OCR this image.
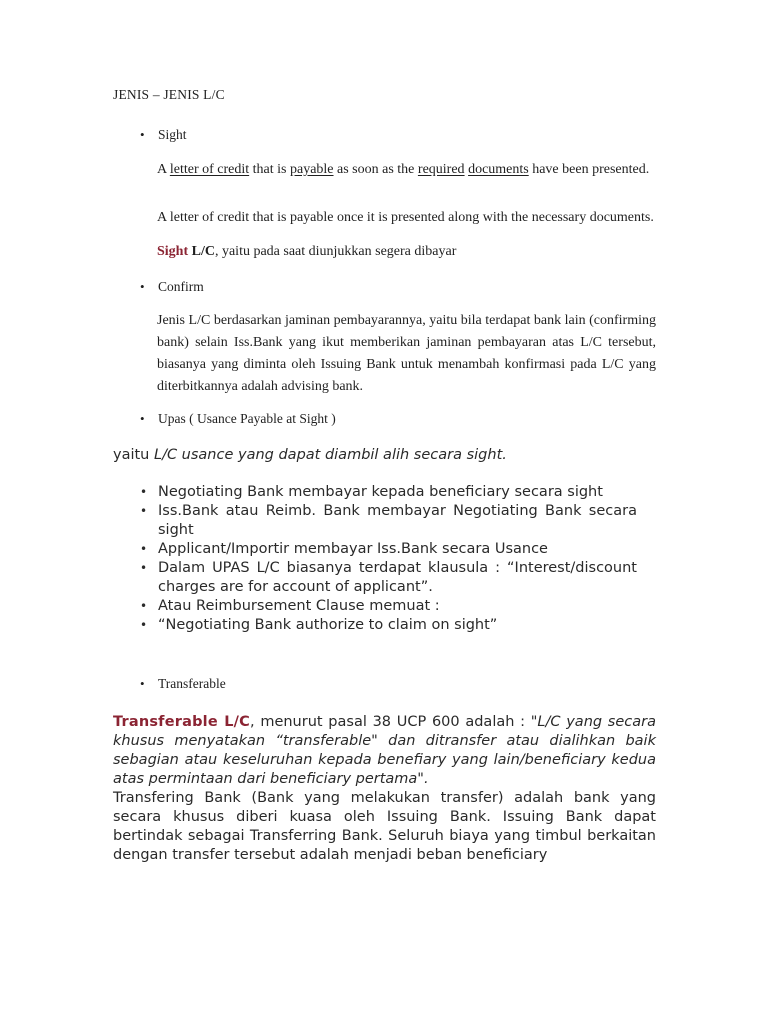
JENIS – JENIS L/C
• Sight

A letter of credit that is payable as soon as the required documents have been presented.

A letter of credit that is payable once it is presented along with the necessary documents.

Sight L/C, yaitu pada saat diunjukkan segera dibayar

• Confirm

Jenis L/C berdasarkan jaminan pembayarannya, yaitu bila terdapat bank lain (confirming bank) selain Iss.Bank yang ikut memberikan jaminan pembayaran atas L/C tersebut, biasanya yang diminta oleh Issuing Bank untuk menambah konfirmasi pada L/C yang diterbitkannya adalah advising bank.

• Upas ( Usance Payable at Sight )

yaitu L/C usance yang dapat diambil alih secara sight.

• Negotiating Bank membayar kepada beneficiary secara sight
• Iss.Bank atau Reimb. Bank membayar Negotiating Bank secara sight
• Applicant/Importir membayar Iss.Bank secara Usance
• Dalam UPAS L/C biasanya terdapat klausula : “Interest/discount charges are for account of applicant”.
• Atau Reimbursement Clause memuat :
• “Negotiating Bank authorize to claim on sight”
• Transferable

Transferable L/C, menurut pasal 38 UCP 600 adalah : "L/C yang secara khusus menyatakan “transferable" dan ditransfer atau dialihkan baik sebagian atau keseluruhan kepada benefiary yang lain/beneficiary kedua atas permintaan dari beneficiary pertama".

Transfering Bank (Bank yang melakukan transfer) adalah bank yang secara khusus diberi kuasa oleh Issuing Bank. Issuing Bank dapat bertindak sebagai Transferring Bank. Seluruh biaya yang timbul berkaitan dengan transfer tersebut adalah menjadi beban beneficiary
